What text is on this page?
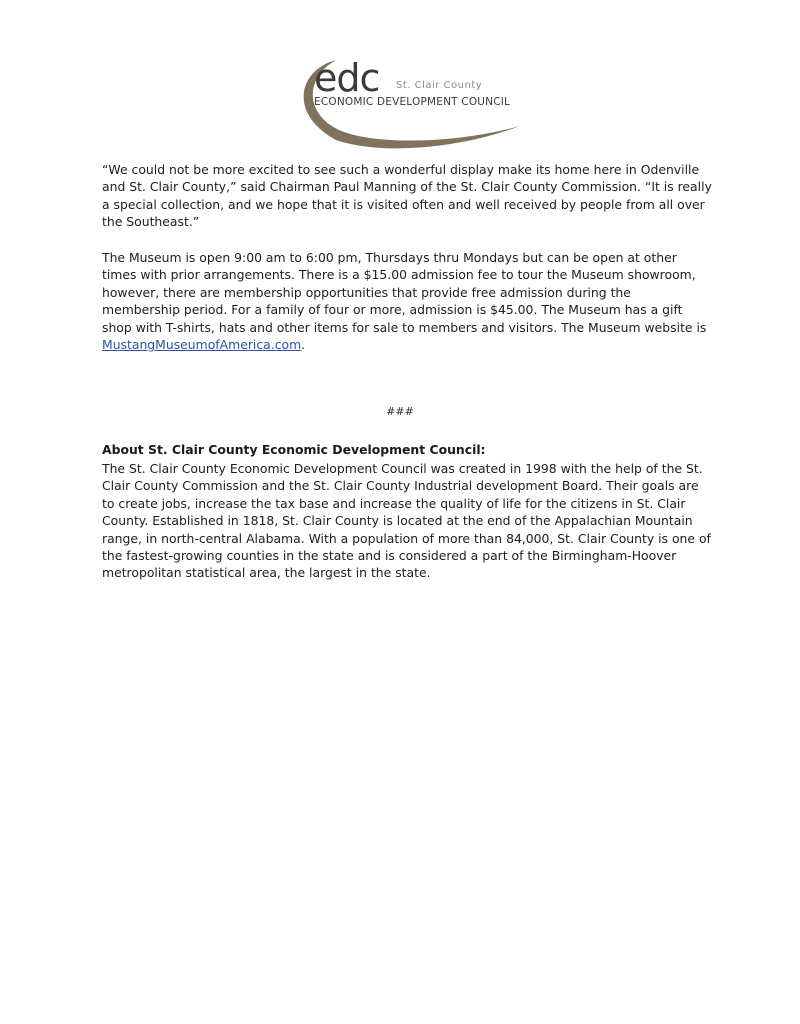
edc St. Clair County
ECONOMIC DEVELOPMENT COUNCIL

“We could not be more excited to see such a wonderful display make its home here in Odenville and St. Clair County,” said Chairman Paul Manning of the St. Clair County Commission. “It is really a special collection, and we hope that it is visited often and well received by people from all over the Southeast.”

The Museum is open 9:00 am to 6:00 pm, Thursdays thru Mondays but can be open at other times with prior arrangements. There is a $15.00 admission fee to tour the Museum showroom, however, there are membership opportunities that provide free admission during the membership period. For a family of four or more, admission is $45.00. The Museum has a gift shop with T-shirts, hats and other items for sale to members and visitors. The Museum website is MustangMuseumofAmerica.com.

###
About St. Clair County Economic Development Council:

The St. Clair County Economic Development Council was created in 1998 with the help of the St. Clair County Commission and the St. Clair County Industrial development Board. Their goals are to create jobs, increase the tax base and increase the quality of life for the citizens in St. Clair County. Established in 1818, St. Clair County is located at the end of the Appalachian Mountain range, in north-central Alabama. With a population of more than 84,000, St. Clair County is one of the fastest-growing counties in the state and is considered a part of the Birmingham-Hoover metropolitan statistical area, the largest in the state.
